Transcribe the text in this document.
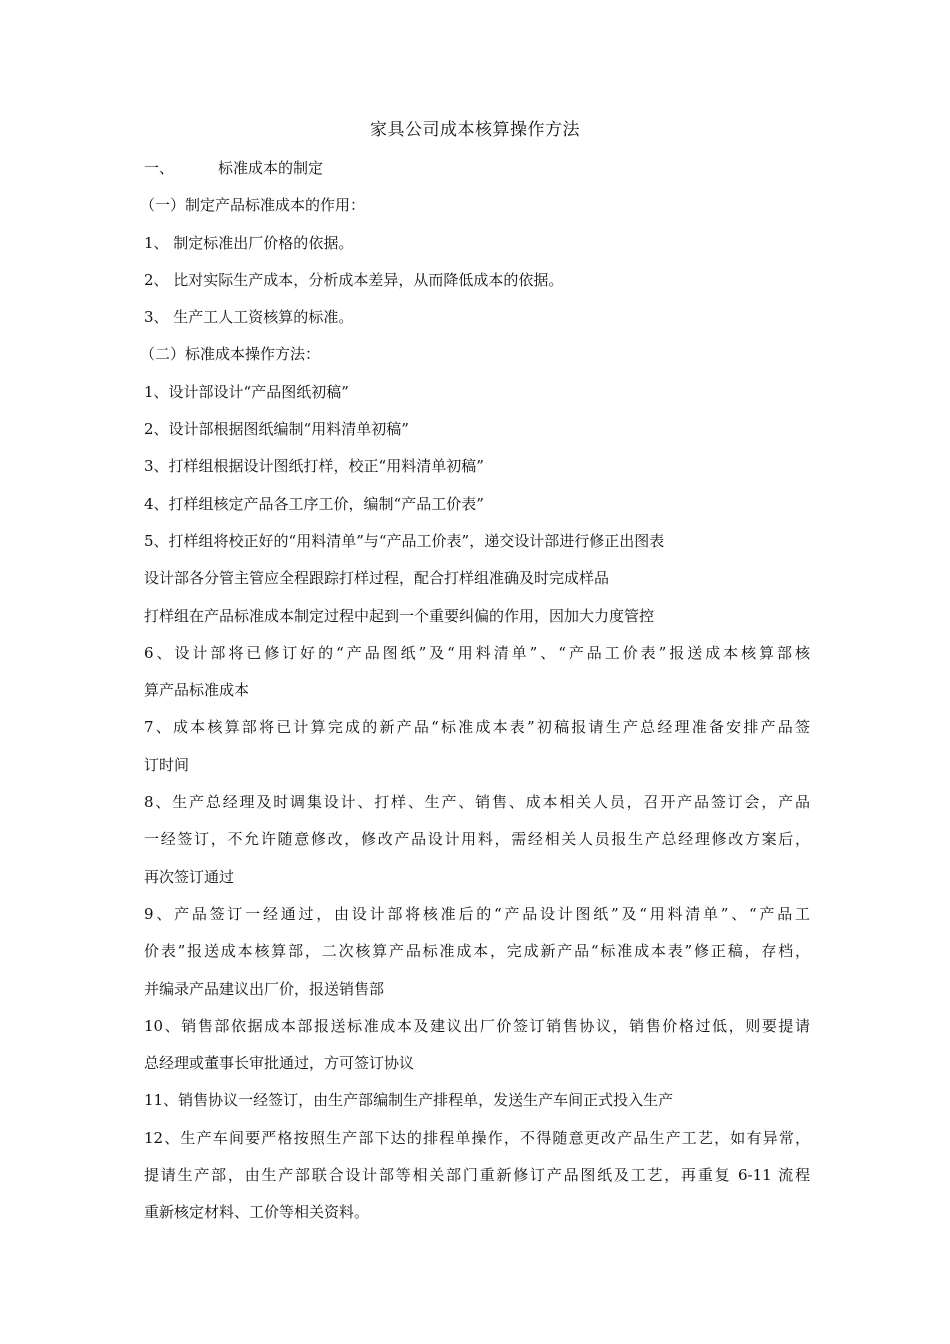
家具公司成本核算操作方法
一、	标准成本的制定
（一）制定产品标准成本的作用：
1、 制定标准出厂价格的依据。
2、 比对实际生产成本，分析成本差异，从而降低成本的依据。
3、 生产工人工资核算的标准。
（二）标准成本操作方法：
1、设计部设计“产品图纸初稿”
2、设计部根据图纸编制“用料清单初稿”
3、打样组根据设计图纸打样，校正“用料清单初稿”
4、打样组核定产品各工序工价，编制“产品工价表”
5、打样组将校正好的“用料清单”与“产品工价表”，递交设计部进行修正出图表
设计部各分管主管应全程跟踪打样过程，配合打样组准确及时完成样品
打样组在产品标准成本制定过程中起到一个重要纠偏的作用，因加大力度管控
6、设计部将已修订好的“产品图纸”及“用料清单”、“产品工价表”报送成本核算部核
算产品标准成本
7、成本核算部将已计算完成的新产品“标准成本表”初稿报请生产总经理准备安排产品签
订时间
8、生产总经理及时调集设计、打样、生产、销售、成本相关人员，召开产品签订会，产品
一经签订，不允许随意修改，修改产品设计用料，需经相关人员报生产总经理修改方案后，
再次签订通过
9、产品签订一经通过，由设计部将核准后的“产品设计图纸”及“用料清单”、“产品工
价表”报送成本核算部，二次核算产品标准成本，完成新产品“标准成本表”修正稿，存档，
并编录产品建议出厂价，报送销售部
10、销售部依据成本部报送标准成本及建议出厂价签订销售协议，销售价格过低，则要提请
总经理或董事长审批通过，方可签订协议
11、销售协议一经签订，由生产部编制生产排程单，发送生产车间正式投入生产
12、生产车间要严格按照生产部下达的排程单操作，不得随意更改产品生产工艺，如有异常，
提请生产部，由生产部联合设计部等相关部门重新修订产品图纸及工艺，再重复 6-11 流程
重新核定材料、工价等相关资料。
